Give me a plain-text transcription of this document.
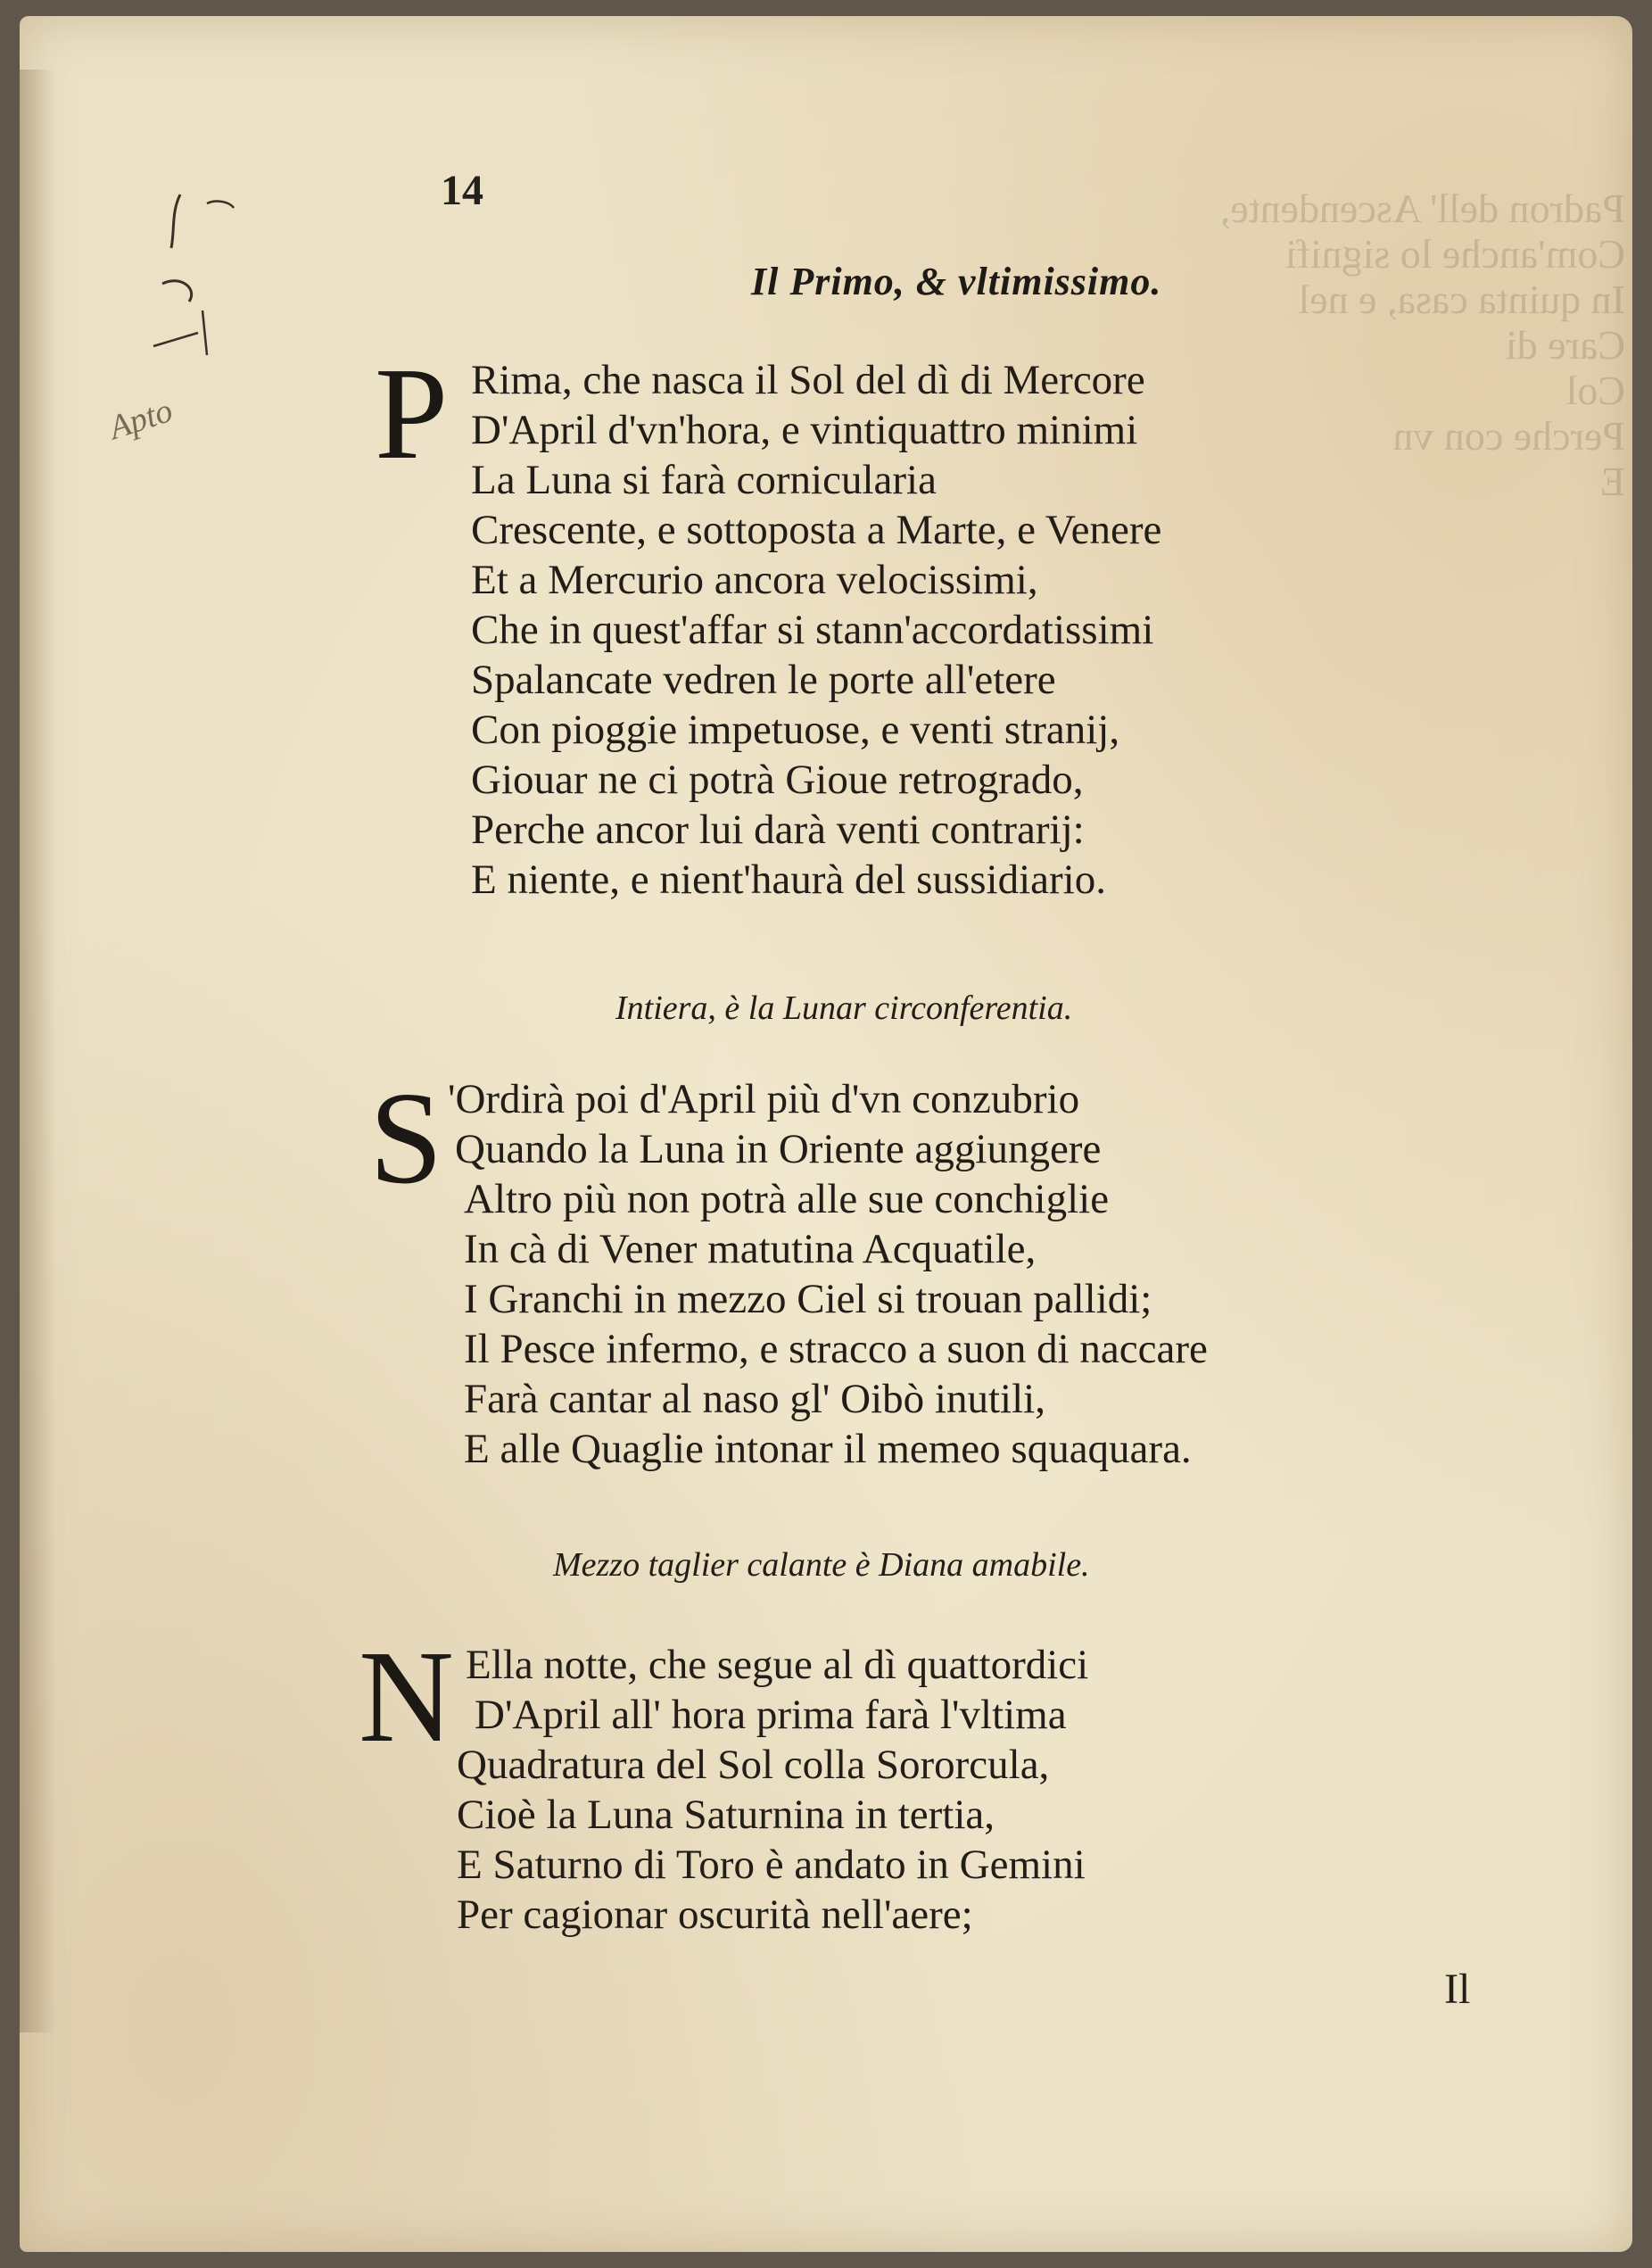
Padron dell' Ascendente,
Com'anche lo signifi
In quinta casa, e nel
Care di
Col
Perche con vn
E

Apto

14

Il Primo, & vltimissimo.

P Rima, che nasca il Sol del dì di Mercore

D'April d'vn'hora, e vintiquattro minimi

La Luna si farà cornicularia

Crescente, e sottoposta a Marte, e Venere

Et a Mercurio ancora velocissimi,

Che in quest'affar si stann'accordatissimi

Spalancate vedren le porte all'etere

Con pioggie impetuose, e venti stranij,

Giouar ne ci potrà Gioue retrogrado,

Perche ancor lui darà venti contrarij:

E niente, e nient'haurà del sussidiario.

Intiera, è la Lunar circonferentia.

S 'Ordirà poi d'April più d'vn conzubrio

Quando la Luna in Oriente aggiungere

Altro più non potrà alle sue conchiglie

In cà di Vener matutina Acquatile,

I Granchi in mezzo Ciel si trouan pallidi;

Il Pesce infermo, e stracco a suon di naccare

Farà cantar al naso gl' Oibò inutili,

E alle Quaglie intonar il memeo squaquara.

Mezzo taglier calante è Diana amabile.

N Ella notte, che segue al dì quattordici

D'April all' hora prima farà l'vltima

Quadratura del Sol colla Sororcula,

Cioè la Luna Saturnina in tertia,

E Saturno di Toro è andato in Gemini

Per cagionar oscurità nell'aere;

Il
